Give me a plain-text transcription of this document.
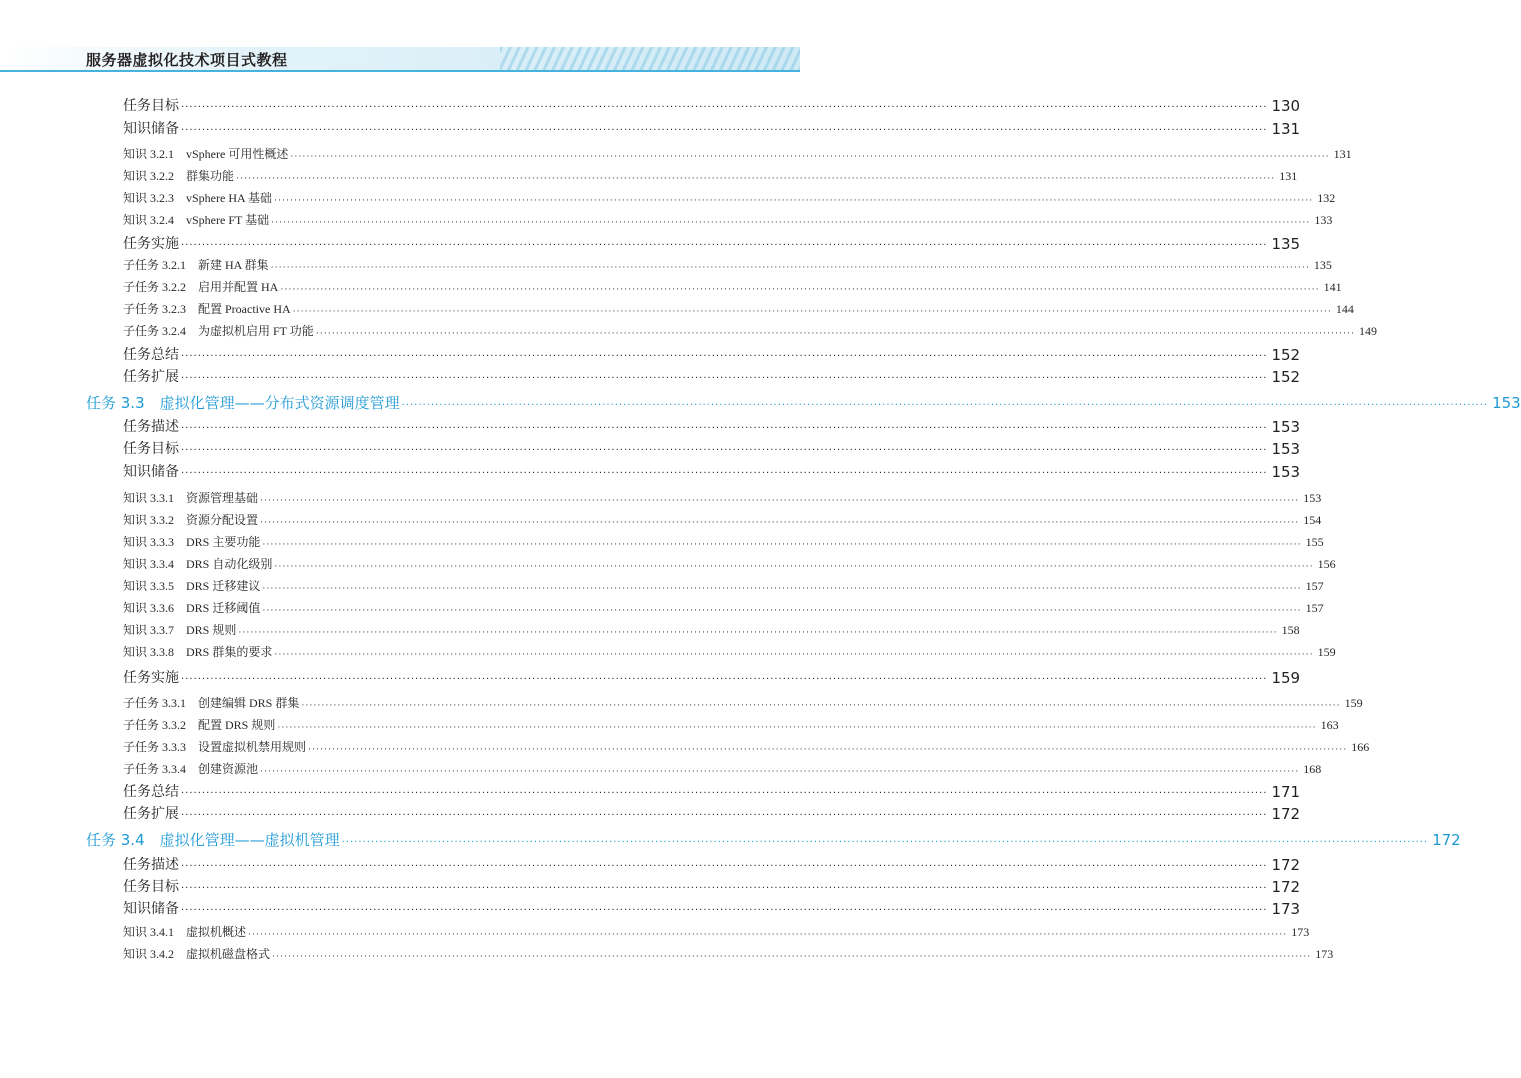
服务器虚拟化技术项目式教程
任务目标 ···································································································································································································································································· 130
知识储备 ···································································································································································································································································· 131
知识 3.2.1　vSphere 可用性概述 ···································································································································································································································································· 131
知识 3.2.2　群集功能 ···································································································································································································································································· 131
知识 3.2.3　vSphere HA 基础 ···································································································································································································································································· 132
知识 3.2.4　vSphere FT 基础 ···································································································································································································································································· 133
任务实施 ···································································································································································································································································· 135
子任务 3.2.1　新建 HA 群集 ···································································································································································································································································· 135
子任务 3.2.2　启用并配置 HA ···································································································································································································································································· 141
子任务 3.2.3　配置 Proactive HA ···································································································································································································································································· 144
子任务 3.2.4　为虚拟机启用 FT 功能 ···································································································································································································································································· 149
任务总结 ···································································································································································································································································· 152
任务扩展 ···································································································································································································································································· 152
任务 3.3　虚拟化管理——分布式资源调度管理 ···································································································································································································································································· 153
任务描述 ···································································································································································································································································· 153
任务目标 ···································································································································································································································································· 153
知识储备 ···································································································································································································································································· 153
知识 3.3.1　资源管理基础 ···································································································································································································································································· 153
知识 3.3.2　资源分配设置 ···································································································································································································································································· 154
知识 3.3.3　DRS 主要功能 ···································································································································································································································································· 155
知识 3.3.4　DRS 自动化级别 ···································································································································································································································································· 156
知识 3.3.5　DRS 迁移建议 ···································································································································································································································································· 157
知识 3.3.6　DRS 迁移阈值 ···································································································································································································································································· 157
知识 3.3.7　DRS 规则 ···································································································································································································································································· 158
知识 3.3.8　DRS 群集的要求 ···································································································································································································································································· 159
任务实施 ···································································································································································································································································· 159
子任务 3.3.1　创建编辑 DRS 群集 ···································································································································································································································································· 159
子任务 3.3.2　配置 DRS 规则 ···································································································································································································································································· 163
子任务 3.3.3　设置虚拟机禁用规则 ···································································································································································································································································· 166
子任务 3.3.4　创建资源池 ···································································································································································································································································· 168
任务总结 ···································································································································································································································································· 171
任务扩展 ···································································································································································································································································· 172
任务 3.4　虚拟化管理——虚拟机管理 ···································································································································································································································································· 172
任务描述 ···································································································································································································································································· 172
任务目标 ···································································································································································································································································· 172
知识储备 ···································································································································································································································································· 173
知识 3.4.1　虚拟机概述 ···································································································································································································································································· 173
知识 3.4.2　虚拟机磁盘格式 ···································································································································································································································································· 173
